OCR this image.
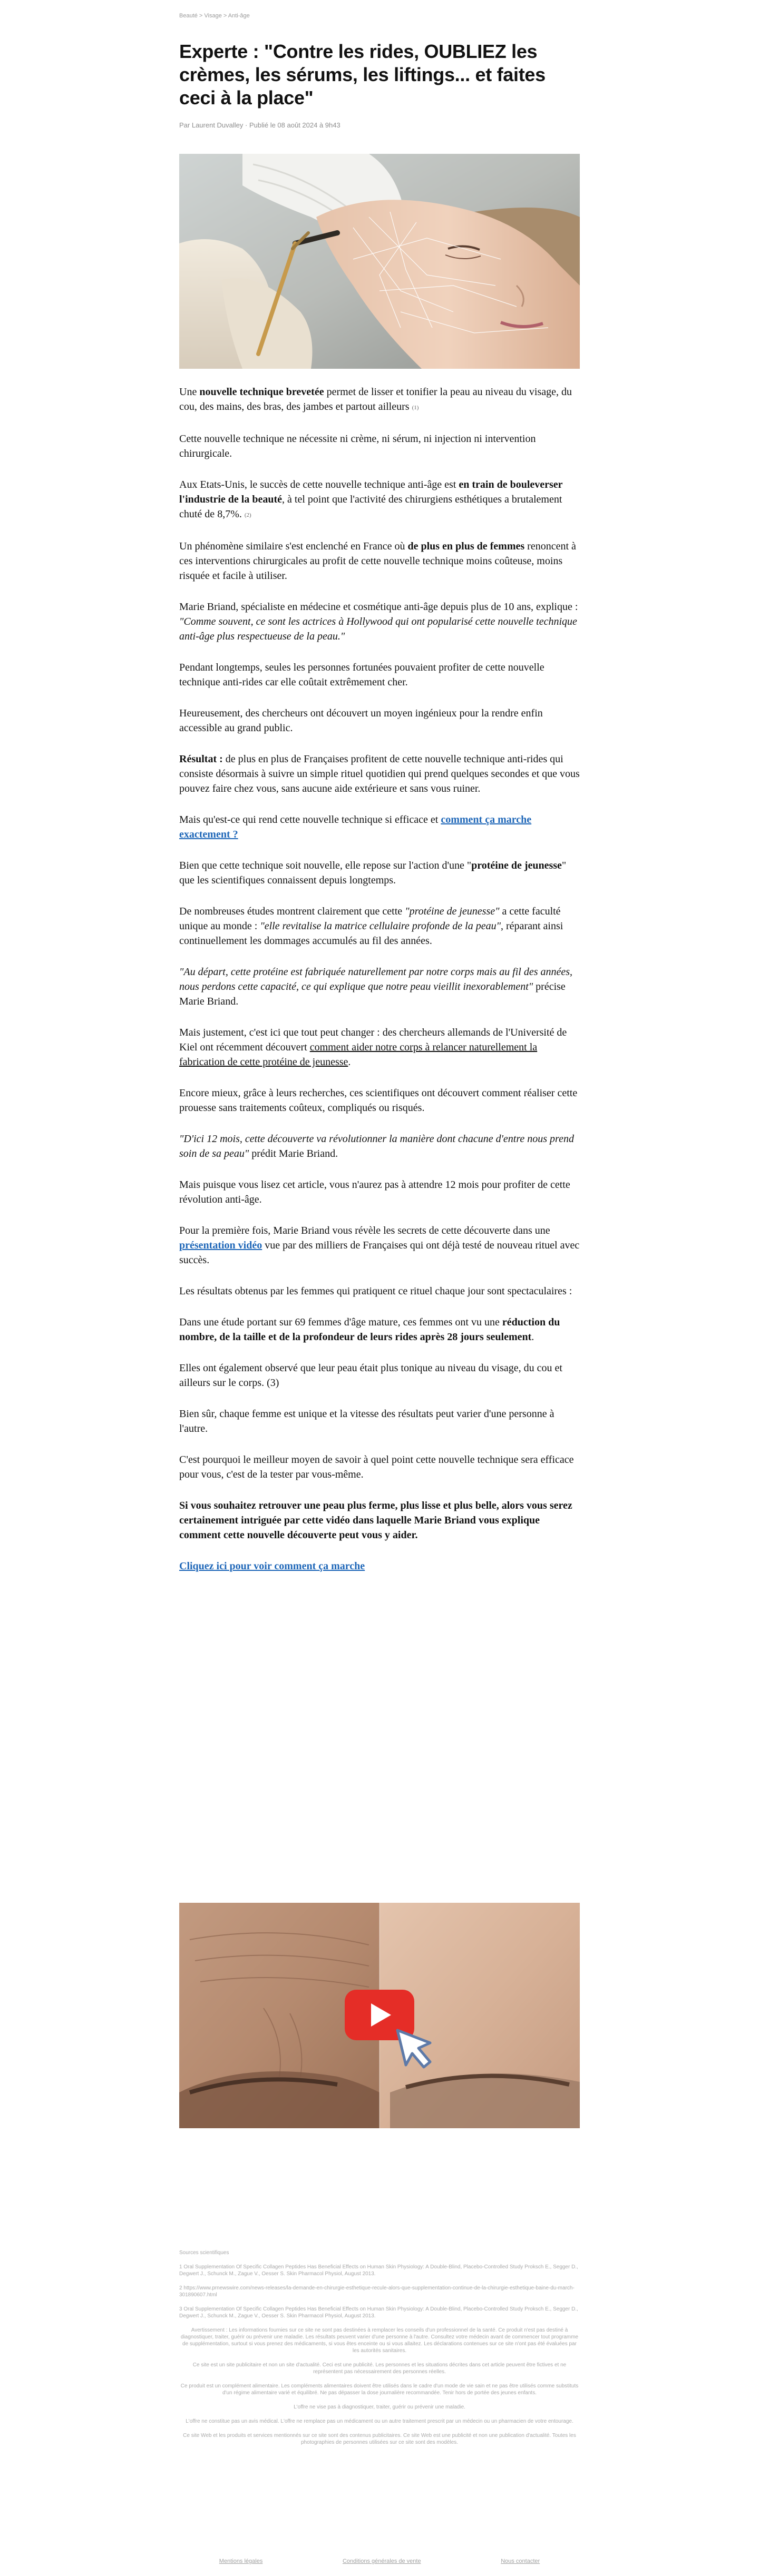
Beauté > Visage > Anti-âge
Experte : "Contre les rides, OUBLIEZ les crèmes, les sérums, les liftings... et faites ceci à la place"
Par Laurent Duvalley · Publié le 08 août 2024 à 9h43

Une nouvelle technique brevetée permet de lisser et tonifier la peau au niveau du visage, du cou, des mains, des bras, des jambes et partout ailleurs (1)

Cette nouvelle technique ne nécessite ni crème, ni sérum, ni injection ni intervention chirurgicale.

Aux Etats-Unis, le succès de cette nouvelle technique anti-âge est en train de bouleverser l'industrie de la beauté, à tel point que l'activité des chirurgiens esthétiques a brutalement chuté de 8,7%. (2)

Un phénomène similaire s'est enclenché en France où de plus en plus de femmes renoncent à ces interventions chirurgicales au profit de cette nouvelle technique moins coûteuse, moins risquée et facile à utiliser.

Marie Briand, spécialiste en médecine et cosmétique anti-âge depuis plus de 10 ans, explique : "Comme souvent, ce sont les actrices à Hollywood qui ont popularisé cette nouvelle technique anti-âge plus respectueuse de la peau."

Pendant longtemps, seules les personnes fortunées pouvaient profiter de cette nouvelle technique anti-rides car elle coûtait extrêmement cher.

Heureusement, des chercheurs ont découvert un moyen ingénieux pour la rendre enfin accessible au grand public.

Résultat : de plus en plus de Françaises profitent de cette nouvelle technique anti-rides qui consiste désormais à suivre un simple rituel quotidien qui prend quelques secondes et que vous pouvez faire chez vous, sans aucune aide extérieure et sans vous ruiner.

Mais qu'est-ce qui rend cette nouvelle technique si efficace et comment ça marche exactement ?

Bien que cette technique soit nouvelle, elle repose sur l'action d'une "protéine de jeunesse" que les scientifiques connaissent depuis longtemps.

De nombreuses études montrent clairement que cette "protéine de jeunesse" a cette faculté unique au monde : "elle revitalise la matrice cellulaire profonde de la peau", réparant ainsi continuellement les dommages accumulés au fil des années.

"Au départ, cette protéine est fabriquée naturellement par notre corps mais au fil des années, nous perdons cette capacité, ce qui explique que notre peau vieillit inexorablement" précise Marie Briand.

Mais justement, c'est ici que tout peut changer : des chercheurs allemands de l'Université de Kiel ont récemment découvert comment aider notre corps à relancer naturellement la fabrication de cette protéine de jeunesse.

Encore mieux, grâce à leurs recherches, ces scientifiques ont découvert comment réaliser cette prouesse sans traitements coûteux, compliqués ou risqués.

"D'ici 12 mois, cette découverte va révolutionner la manière dont chacune d'entre nous prend soin de sa peau" prédit Marie Briand.

Mais puisque vous lisez cet article, vous n'aurez pas à attendre 12 mois pour profiter de cette révolution anti-âge.

Pour la première fois, Marie Briand vous révèle les secrets de cette découverte dans une présentation vidéo vue par des milliers de Françaises qui ont déjà testé de nouveau rituel avec succès.

Les résultats obtenus par les femmes qui pratiquent ce rituel chaque jour sont spectaculaires :

Dans une étude portant sur 69 femmes d'âge mature, ces femmes ont vu une réduction du nombre, de la taille et de la profondeur de leurs rides après 28 jours seulement.

Elles ont également observé que leur peau était plus tonique au niveau du visage, du cou et ailleurs sur le corps. (3)

Bien sûr, chaque femme est unique et la vitesse des résultats peut varier d'une personne à l'autre.

C'est pourquoi le meilleur moyen de savoir à quel point cette nouvelle technique sera efficace pour vous, c'est de la tester par vous-même.

Si vous souhaitez retrouver une peau plus ferme, plus lisse et plus belle, alors vous serez certainement intriguée par cette vidéo dans laquelle Marie Briand vous explique comment cette nouvelle découverte peut vous y aider.

Cliquez ici pour voir comment ça marche

Sources scientifiques

1 Oral Supplementation Of Specific Collagen Peptides Has Beneficial Effects on Human Skin Physiology: A Double-Blind, Placebo-Controlled Study Proksch E., Segger D., Degwert J., Schunck M., Zague V., Oesser S. Skin Pharmacol Physiol, August 2013.

2 https://www.prnewswire.com/news-releases/la-demande-en-chirurgie-esthetique-recule-alors-que-supplementation-continue-de-la-chirurgie-esthetique-baine-du-march-301890607.html

3 Oral Supplementation Of Specific Collagen Peptides Has Beneficial Effects on Human Skin Physiology: A Double-Blind, Placebo-Controlled Study Proksch E., Segger D., Degwert J., Schunck M., Zague V., Oesser S. Skin Pharmacol Physiol, August 2013.

Avertissement : Les informations fournies sur ce site ne sont pas destinées à remplacer les conseils d'un professionnel de la santé. Ce produit n'est pas destiné à diagnostiquer, traiter, guérir ou prévenir une maladie. Les résultats peuvent varier d'une personne à l'autre. Consultez votre médecin avant de commencer tout programme de supplémentation, surtout si vous prenez des médicaments, si vous êtes enceinte ou si vous allaitez. Les déclarations contenues sur ce site n'ont pas été évaluées par les autorités sanitaires.

Ce site est un site publicitaire et non un site d'actualité. Ceci est une publicité. Les personnes et les situations décrites dans cet article peuvent être fictives et ne représentent pas nécessairement des personnes réelles.

Ce produit est un complément alimentaire. Les compléments alimentaires doivent être utilisés dans le cadre d'un mode de vie sain et ne pas être utilisés comme substituts d'un régime alimentaire varié et équilibré. Ne pas dépasser la dose journalière recommandée. Tenir hors de portée des jeunes enfants.

L'offre ne vise pas à diagnostiquer, traiter, guérir ou prévenir une maladie.

L'offre ne constitue pas un avis médical. L'offre ne remplace pas un médicament ou un autre traitement prescrit par un médecin ou un pharmacien de votre entourage.

Ce site Web et les produits et services mentionnés sur ce site sont des contenus publicitaires. Ce site Web est une publicité et non une publication d'actualité. Toutes les photographies de personnes utilisées sur ce site sont des modèles.

Mentions légales	Conditions générales de vente	Nous contacter
